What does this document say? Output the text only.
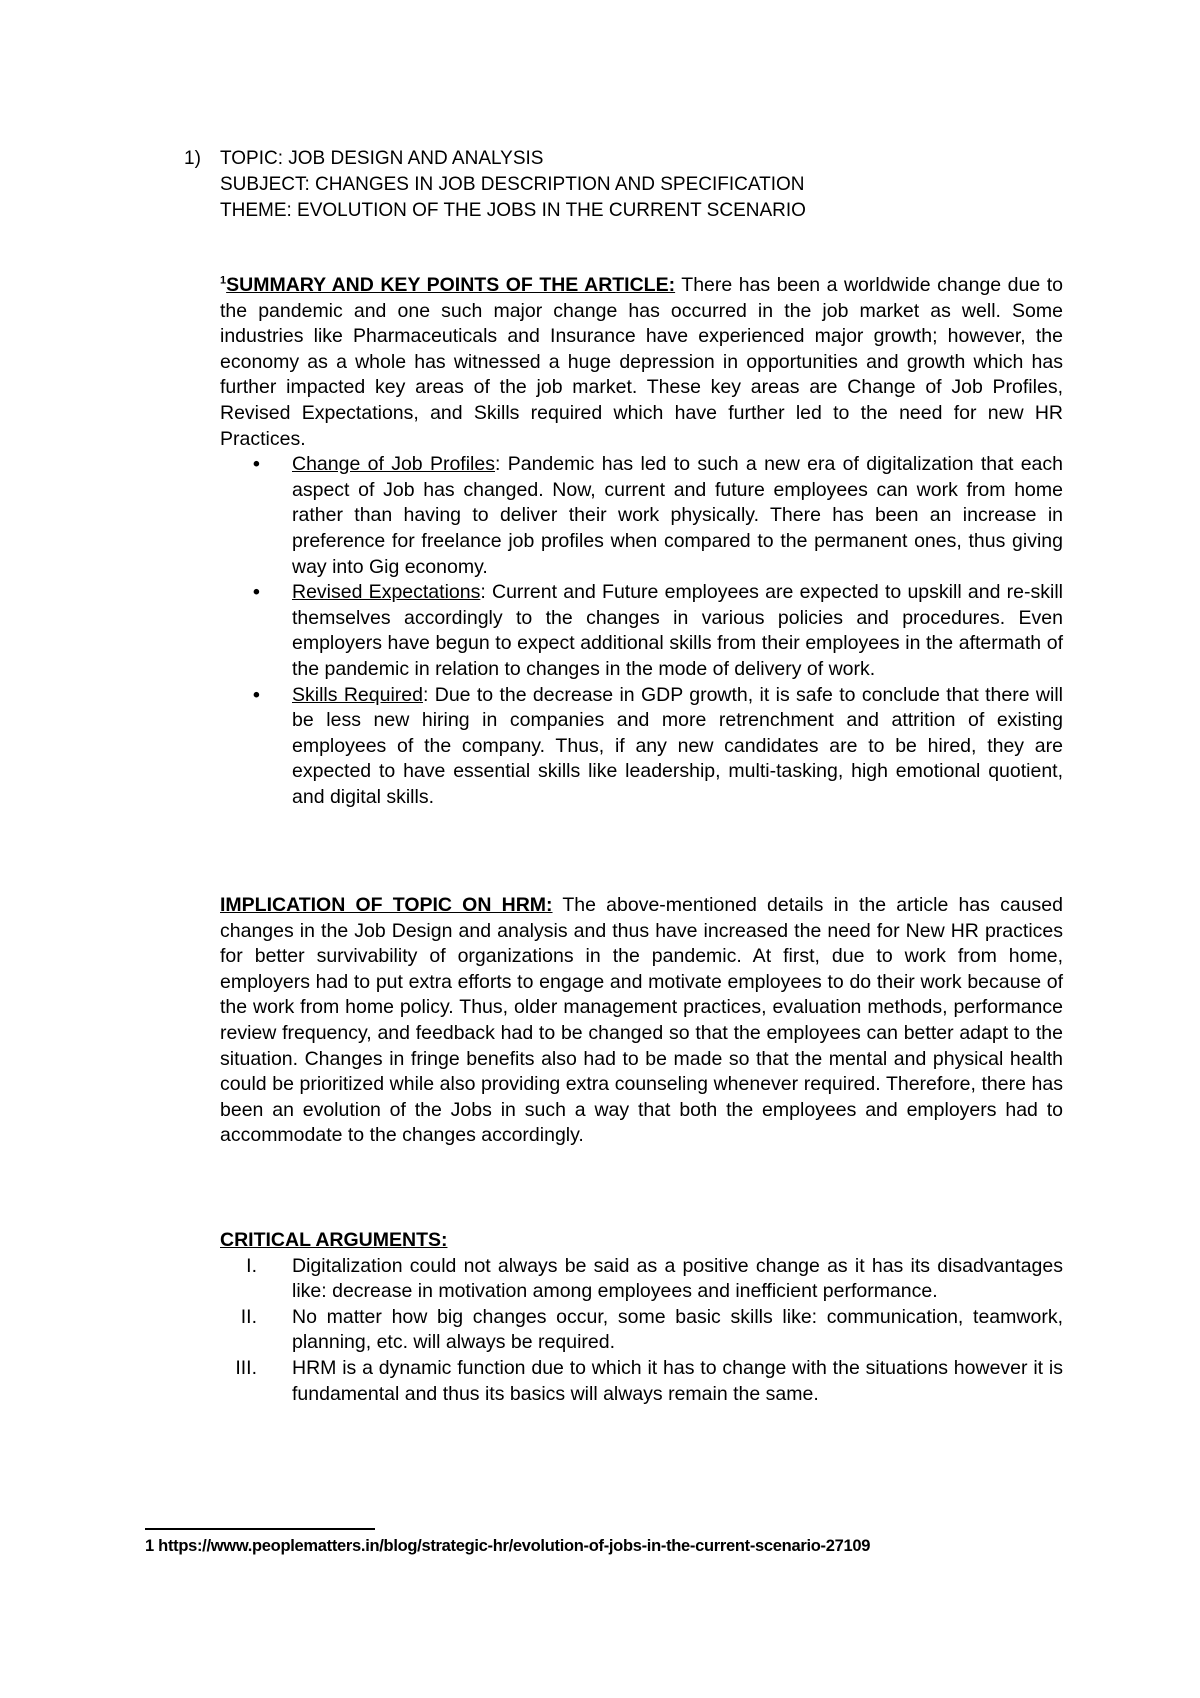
1) TOPIC: JOB DESIGN AND ANALYSIS
SUBJECT: CHANGES IN JOB DESCRIPTION AND SPECIFICATION
THEME: EVOLUTION OF THE JOBS IN THE CURRENT SCENARIO

$^1$SUMMARY AND KEY POINTS OF THE ARTICLE: There has been a worldwide change due to the pandemic and one such major change has occurred in the job market as well. Some industries like Pharmaceuticals and Insurance have experienced major growth; however, the economy as a whole has witnessed a huge depression in opportunities and growth which has further impacted key areas of the job market. These key areas are Change of Job Profiles, Revised Expectations, and Skills required which have further led to the need for new HR Practices.

• Change of Job Profiles: Pandemic has led to such a new era of digitalization that each aspect of Job has changed. Now, current and future employees can work from home rather than having to deliver their work physically. There has been an increase in preference for freelance job profiles when compared to the permanent ones, thus giving way into Gig economy.

• Revised Expectations: Current and Future employees are expected to upskill and re-skill themselves accordingly to the changes in various policies and procedures. Even employers have begun to expect additional skills from their employees in the aftermath of the pandemic in relation to changes in the mode of delivery of work.

• Skills Required: Due to the decrease in GDP growth, it is safe to conclude that there will be less new hiring in companies and more retrenchment and attrition of existing employees of the company. Thus, if any new candidates are to be hired, they are expected to have essential skills like leadership, multi-tasking, high emotional quotient, and digital skills.

IMPLICATION OF TOPIC ON HRM: The above-mentioned details in the article has caused changes in the Job Design and analysis and thus have increased the need for New HR practices for better survivability of organizations in the pandemic. At first, due to work from home, employers had to put extra efforts to engage and motivate employees to do their work because of the work from home policy. Thus, older management practices, evaluation methods, performance review frequency, and feedback had to be changed so that the employees can better adapt to the situation. Changes in fringe benefits also had to be made so that the mental and physical health could be prioritized while also providing extra counseling whenever required. Therefore, there has been an evolution of the Jobs in such a way that both the employees and employers had to accommodate to the changes accordingly.

CRITICAL ARGUMENTS:

I. Digitalization could not always be said as a positive change as it has its disadvantages like: decrease in motivation among employees and inefficient performance.

II. No matter how big changes occur, some basic skills like: communication, teamwork, planning, etc. will always be required.

III. HRM is a dynamic function due to which it has to change with the situations however it is fundamental and thus its basics will always remain the same.

1 https://www.peoplematters.in/blog/strategic-hr/evolution-of-jobs-in-the-current-scenario-27109
